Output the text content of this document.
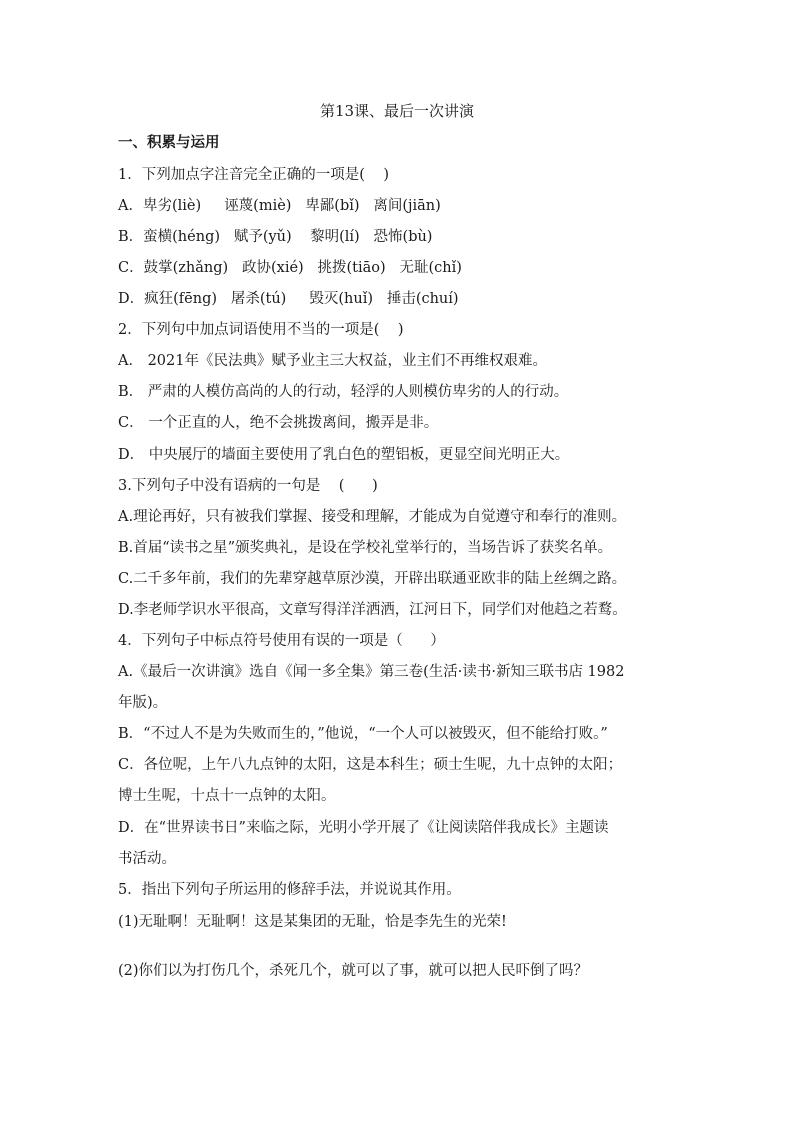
第13课、最后一次讲演
一、积累与运用
1．下列加点字注音完全正确的一项是(    )
A．卑劣(liè)     诬蔑(miè)   卑鄙(bǐ)   离间(jiān)
B．蛮横(héng)   赋予(yǔ)    黎明(lí)   恐怖(bù)
C．鼓掌(zhǎng)   政协(xié)   挑拨(tiāo)   无耻(chǐ)
D．疯狂(fēng)   屠杀(tú)     毁灭(huǐ)   捶击(chuí)
2．下列句中加点词语使用不当的一项是(    )
A． 2021年《民法典》赋予业主三大权益，业主们不再维权艰难。
B． 严肃的人模仿高尚的人的行动，轻浮的人则模仿卑劣的人的行动。
C． 一个正直的人，绝不会挑拨离间，搬弄是非。
D． 中央展厅的墙面主要使用了乳白色的塑铝板，更显空间光明正大。
3.下列句子中没有语病的一句是    (      )
A.理论再好，只有被我们掌握、接受和理解，才能成为自觉遵守和奉行的准则。
B.首届“读书之星”颁奖典礼，是设在学校礼堂举行的，当场告诉了获奖名单。
C.二千多年前，我们的先辈穿越草原沙漠，开辟出联通亚欧非的陆上丝绸之路。
D.李老师学识水平很高，文章写得洋洋洒洒，江河日下，同学们对他趋之若鹜。
4．下列句子中标点符号使用有误的一项是（      ）
A.《最后一次讲演》选自《闻一多全集》第三卷(生活·读书·新知三联书店 1982
年版)。
B．“不过人不是为失败而生的，”他说，“一个人可以被毁灭，但不能给打败。”
C．各位呢，上午八九点钟的太阳，这是本科生；硕士生呢，九十点钟的太阳；
博士生呢，十点十一点钟的太阳。
D．在“世界读书日”来临之际，光明小学开展了《让阅读陪伴我成长》主题读
书活动。
5．指出下列句子所运用的修辞手法，并说说其作用。
(1)无耻啊！无耻啊！这是某集团的无耻，恰是李先生的光荣!
(2)你们以为打伤几个，杀死几个，就可以了事，就可以把人民吓倒了吗？
